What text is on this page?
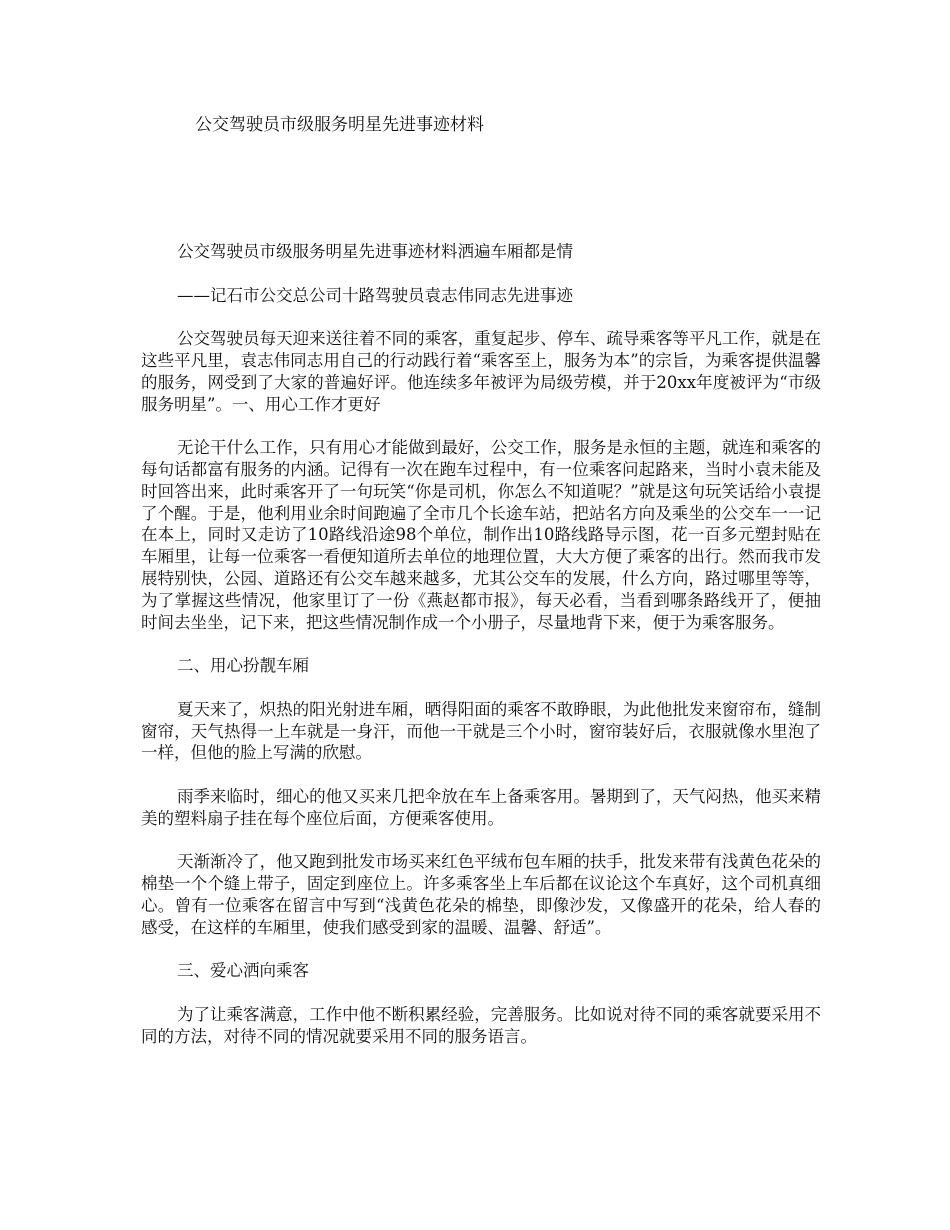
公交驾驶员市级服务明星先进事迹材料

公交驾驶员市级服务明星先进事迹材料洒遍车厢都是情

——记石市公交总公司十路驾驶员袁志伟同志先进事迹

公交驾驶员每天迎来送往着不同的乘客，重复起步、停车、疏导乘客等平凡工作，就是在这些平凡里，袁志伟同志用自己的行动践行着“乘客至上，服务为本”的宗旨，为乘客提供温馨的服务，网受到了大家的普遍好评。他连续多年被评为局级劳模，并于20xx年度被评为“市级服务明星”。一、用心工作才更好

无论干什么工作，只有用心才能做到最好，公交工作，服务是永恒的主题，就连和乘客的每句话都富有服务的内涵。记得有一次在跑车过程中，有一位乘客问起路来，当时小袁未能及时回答出来，此时乘客开了一句玩笑“你是司机，你怎么不知道呢？”就是这句玩笑话给小袁提了个醒。于是，他利用业余时间跑遍了全市几个长途车站，把站名方向及乘坐的公交车一一记在本上，同时又走访了10路线沿途98个单位，制作出10路线路导示图，花一百多元塑封贴在车厢里，让每一位乘客一看便知道所去单位的地理位置，大大方便了乘客的出行。然而我市发展特别快，公园、道路还有公交车越来越多，尤其公交车的发展，什么方向，路过哪里等等，为了掌握这些情况，他家里订了一份《燕赵都市报》，每天必看，当看到哪条路线开了，便抽时间去坐坐，记下来，把这些情况制作成一个小册子，尽量地背下来，便于为乘客服务。

二、用心扮靓车厢

夏天来了，炽热的阳光射进车厢，晒得阳面的乘客不敢睁眼，为此他批发来窗帘布，缝制窗帘，天气热得一上车就是一身汗，而他一干就是三个小时，窗帘装好后，衣服就像水里泡了一样，但他的脸上写满的欣慰。

雨季来临时，细心的他又买来几把伞放在车上备乘客用。暑期到了，天气闷热，他买来精美的塑料扇子挂在每个座位后面，方便乘客使用。

天渐渐冷了，他又跑到批发市场买来红色平绒布包车厢的扶手，批发来带有浅黄色花朵的棉垫一个个缝上带子，固定到座位上。许多乘客坐上车后都在议论这个车真好，这个司机真细心。曾有一位乘客在留言中写到“浅黄色花朵的棉垫，即像沙发，又像盛开的花朵，给人春的感受，在这样的车厢里，使我们感受到家的温暖、温馨、舒适”。

三、爱心洒向乘客

为了让乘客满意，工作中他不断积累经验，完善服务。比如说对待不同的乘客就要采用不同的方法，对待不同的情况就要采用不同的服务语言。
